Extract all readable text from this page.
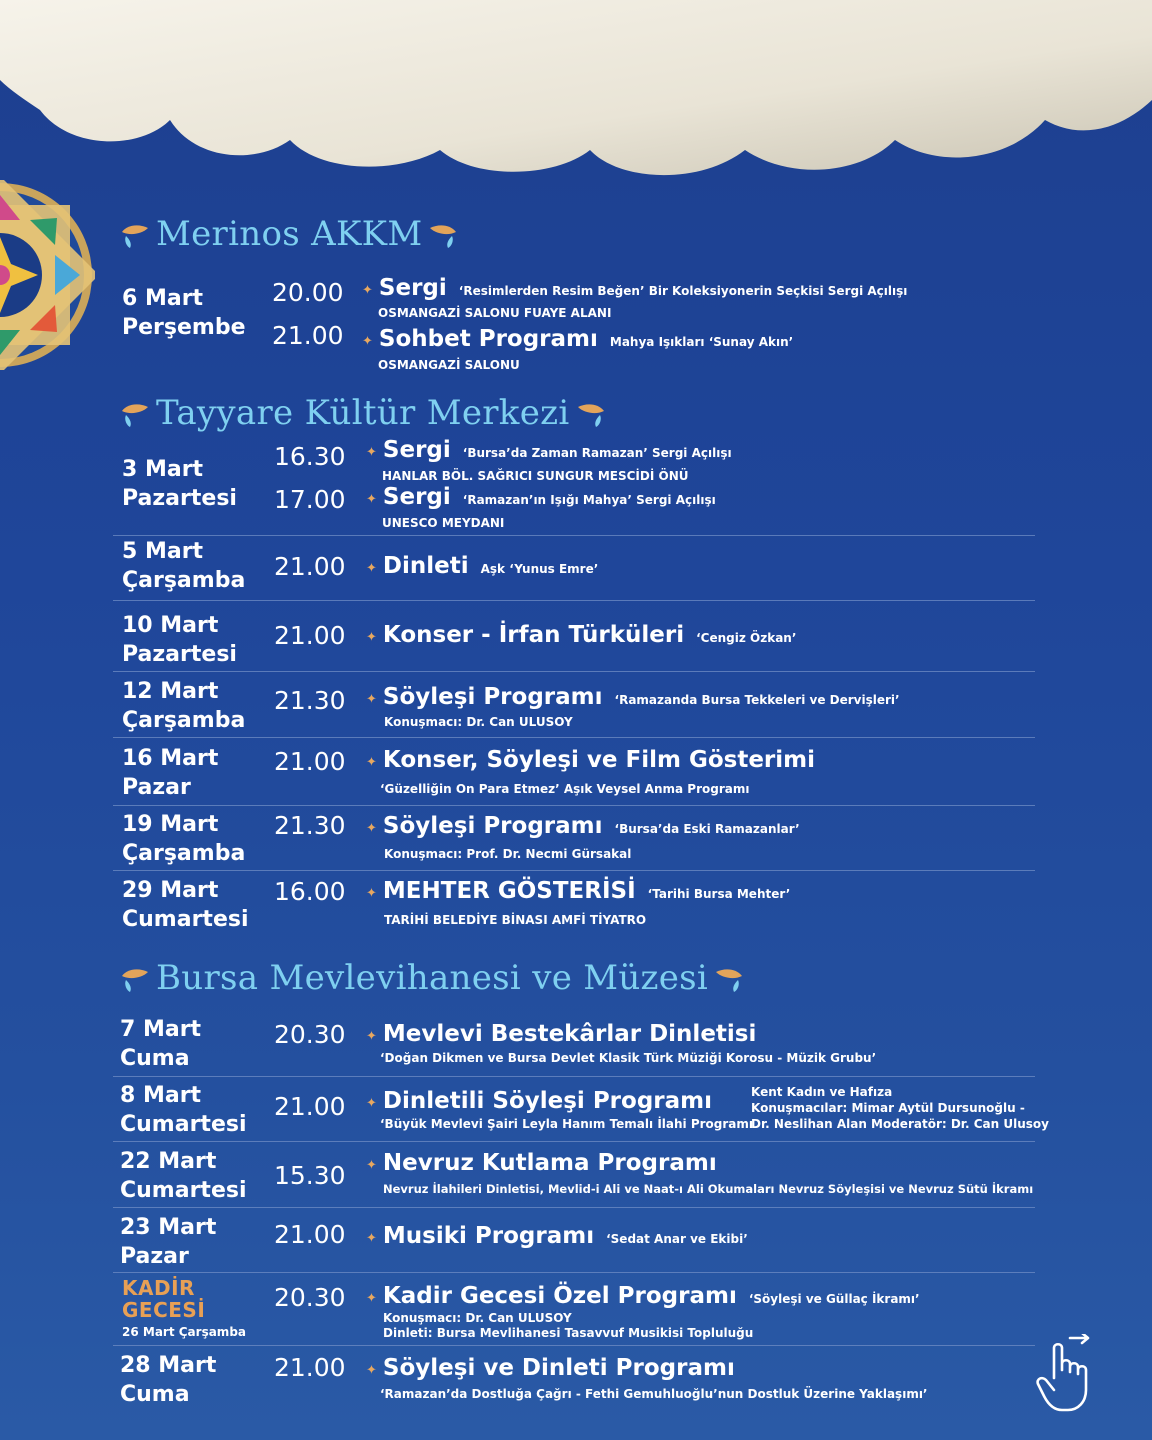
Merinos AKKM
6 Mart
Perşembe
20.00 ✦ Sergi ‘Resimlerden Resim Beğen’ Bir Koleksiyonerin Seçkisi Sergi Açılışı
OSMANGAZİ SALONU FUAYE ALANI
21.00 ✦ Sohbet Programı Mahya Işıkları ‘Sunay Akın’
OSMANGAZİ SALONU
Tayyare Kültür Merkezi
3 Mart
Pazartesi
16.30 ✦ Sergi ‘Bursa’da Zaman Ramazan’ Sergi Açılışı
HANLAR BÖL. SAĞRICI SUNGUR MESCİDİ ÖNÜ
17.00 ✦ Sergi ‘Ramazan’ın Işığı Mahya’ Sergi Açılışı
UNESCO MEYDANI
5 Mart
Çarşamba 21.00 ✦ Dinleti Aşk ‘Yunus Emre’
10 Mart
Pazartesi
21.00 ✦ Konser - İrfan Türküleri ‘Cengiz Özkan’
12 Mart
Çarşamba
21.30 ✦ Söyleşi Programı ‘Ramazanda Bursa Tekkeleri ve Dervişleri’
Konuşmacı: Dr. Can ULUSOY
16 Mart
Pazar
21.00 ✦ Konser, Söyleşi ve Film Gösterimi
‘Güzelliğin On Para Etmez’ Aşık Veysel Anma Programı
19 Mart
Çarşamba
21.30 ✦ Söyleşi Programı ‘Bursa’da Eski Ramazanlar’
Konuşmacı: Prof. Dr. Necmi Gürsakal
29 Mart
Cumartesi
16.00 ✦ MEHTER GÖSTERİSİ ‘Tarihi Bursa Mehter’
TARİHİ BELEDİYE BİNASI AMFİ TİYATRO
Bursa Mevlevihanesi ve Müzesi
7 Mart
Cuma
20.30 ✦ Mevlevi Bestekârlar Dinletisi
‘Doğan Dikmen ve Bursa Devlet Klasik Türk Müziği Korosu - Müzik Grubu’
8 Mart
Cumartesi
21.00 ✦ Dinletili Söyleşi Programı
‘Büyük Mevlevi Şairi Leyla Hanım Temalı İlahi Programı
Kent Kadın ve Hafıza
Konuşmacılar: Mimar Aytül Dursunoğlu -
Dr. Neslihan Alan Moderatör: Dr. Can Ulusoy
22 Mart
Cumartesi
15.30 ✦ Nevruz Kutlama Programı
Nevruz İlahileri Dinletisi, Mevlid-i Ali ve Naat-ı Ali Okumaları Nevruz Söyleşisi ve Nevruz Sütü İkramı
23 Mart
Pazar
21.00 ✦ Musiki Programı ‘Sedat Anar ve Ekibi’
KADİR
GECESİ
26 Mart Çarşamba
20.30 ✦ Kadir Gecesi Özel Programı ‘Söyleşi ve Güllaç İkramı’
Konuşmacı: Dr. Can ULUSOY
Dinleti: Bursa Mevlihanesi Tasavvuf Musikisi Topluluğu
28 Mart
Cuma
21.00 ✦ Söyleşi ve Dinleti Programı
‘Ramazan’da Dostluğa Çağrı - Fethi Gemuhluoğlu’nun Dostluk Üzerine Yaklaşımı’
